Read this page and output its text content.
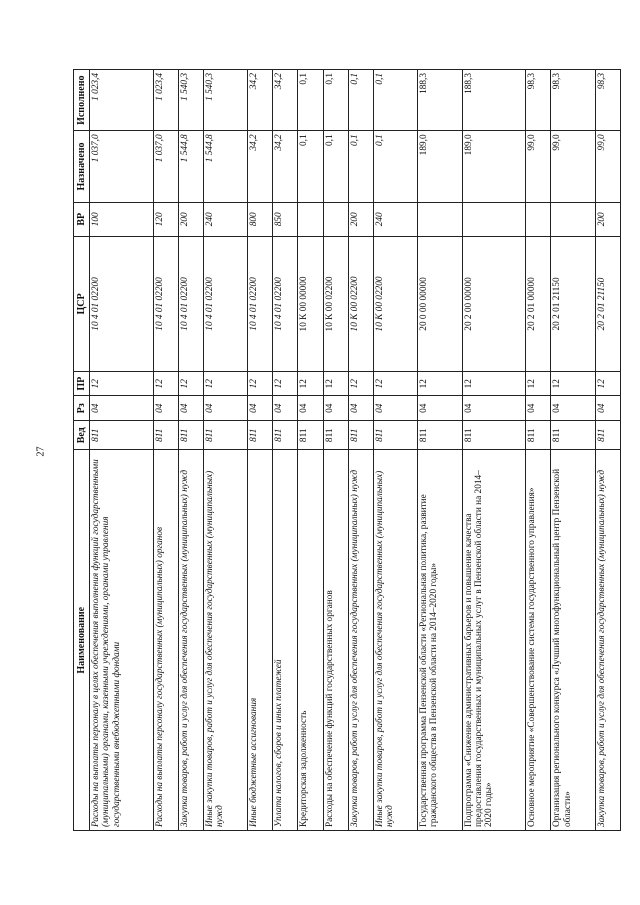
27
Наименование	Вед	Рз	ПР	ЦСР	ВР	Назначено	Исполнено
Расходы на выплаты персоналу в целях обеспечения выполнения функций государственными (муниципальными) органами, казенными учреждениями, органами управления государственными внебюджетными фондами	811	04	12	10 4 01 02200	100	1 037,0	1 023,4
Расходы на выплаты персоналу государственных (муниципальных) органов	811	04	12	10 4 01 02200	120	1 037,0	1 023,4
Закупка товаров, работ и услуг для обеспечения государственных (муниципальных) нужд	811	04	12	10 4 01 02200	200	1 544,8	1 540,3
Иные закупки товаров, работ и услуг для обеспечения государственных (муниципальных) нужд	811	04	12	10 4 01 02200	240	1 544,8	1 540,3
Иные бюджетные ассигнования	811	04	12	10 4 01 02200	800	34,2	34,2
Уплата налогов, сборов и иных платежей	811	04	12	10 4 01 02200	850	34,2	34,2
Кредиторская задолженность	811	04	12	10 К 00 00000		0,1	0,1
Расходы на обеспечение функций государственных органов	811	04	12	10 К 00 02200		0,1	0,1
Закупка товаров, работ и услуг для обеспечения государственных (муниципальных) нужд	811	04	12	10 К 00 02200	200	0,1	0,1
Иные закупки товаров, работ и услуг для обеспечения государственных (муниципальных) нужд	811	04	12	10 К 00 02200	240	0,1	0,1
Государственная программа Пензенской области «Региональная политика, развитие гражданского общества в Пензенской области на 2014–2020 годы»	811	04	12	20 0 00 00000		189,0	188,3
Подпрограмма «Снижение административных барьеров и повышение качества предоставления государственных и муниципальных услуг в Пензенской области на 2014–2020 годы»	811	04	12	20 2 00 00000		189,0	188,3
Основное мероприятие «Совершенствование системы государственного управления»	811	04	12	20 2 01 00000		99,0	98,3
Организация регионального конкурса «Лучший многофункциональный центр Пензенской области»	811	04	12	20 2 01 21150		99,0	98,3
Закупка товаров, работ и услуг для обеспечения государственных (муниципальных) нужд	811	04	12	20 2 01 21150	200	99,0	98,3
